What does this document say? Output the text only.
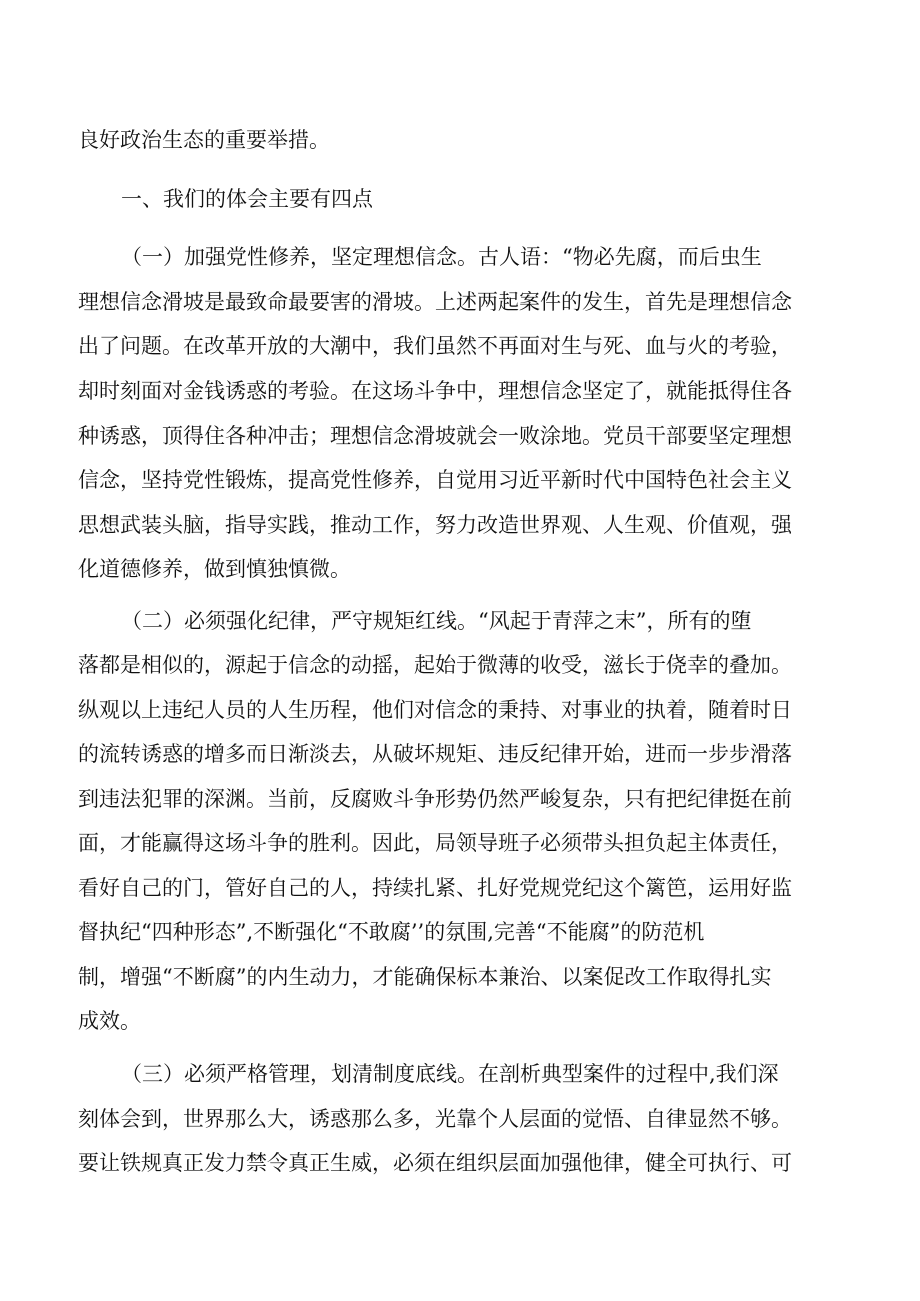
良好政治生态的重要举措。
一、我们的体会主要有四点
（一）加强党性修养，坚定理想信念。古人语：“物必先腐，而后虫生
理想信念滑坡是最致命最要害的滑坡。上述两起案件的发生，首先是理想信念
出了问题。在改革开放的大潮中，我们虽然不再面对生与死、血与火的考验，
却时刻面对金钱诱惑的考验。在这场斗争中，理想信念坚定了，就能抵得住各
种诱惑，顶得住各种冲击；理想信念滑坡就会一败涂地。党员干部要坚定理想
信念，坚持党性锻炼，提高党性修养，自觉用习近平新时代中国特色社会主义
思想武装头脑，指导实践，推动工作，努力改造世界观、人生观、价值观，强
化道德修养，做到慎独慎微。
（二）必须强化纪律，严守规矩红线。“风起于青萍之末”，所有的堕
落都是相似的，源起于信念的动摇，起始于微薄的收受，滋长于侥幸的叠加。
纵观以上违纪人员的人生历程，他们对信念的秉持、对事业的执着，随着时日
的流转诱惑的增多而日渐淡去，从破坏规矩、违反纪律开始，进而一步步滑落
到违法犯罪的深渊。当前，反腐败斗争形势仍然严峻复杂，只有把纪律挺在前
面，才能赢得这场斗争的胜利。因此，局领导班子必须带头担负起主体责任，
看好自己的门，管好自己的人，持续扎紧、扎好党规党纪这个篱笆，运用好监
督执纪“四种形态”,不断强化“不敢腐’’的氛围,完善“不能腐”的防范机
制，增强“不断腐”的内生动力，才能确保标本兼治、以案促改工作取得扎实
成效。
（三）必须严格管理，划清制度底线。在剖析典型案件的过程中,我们深
刻体会到，世界那么大，诱惑那么多，光靠个人层面的觉悟、自律显然不够。
要让铁规真正发力禁令真正生威，必须在组织层面加强他律，健全可执行、可
